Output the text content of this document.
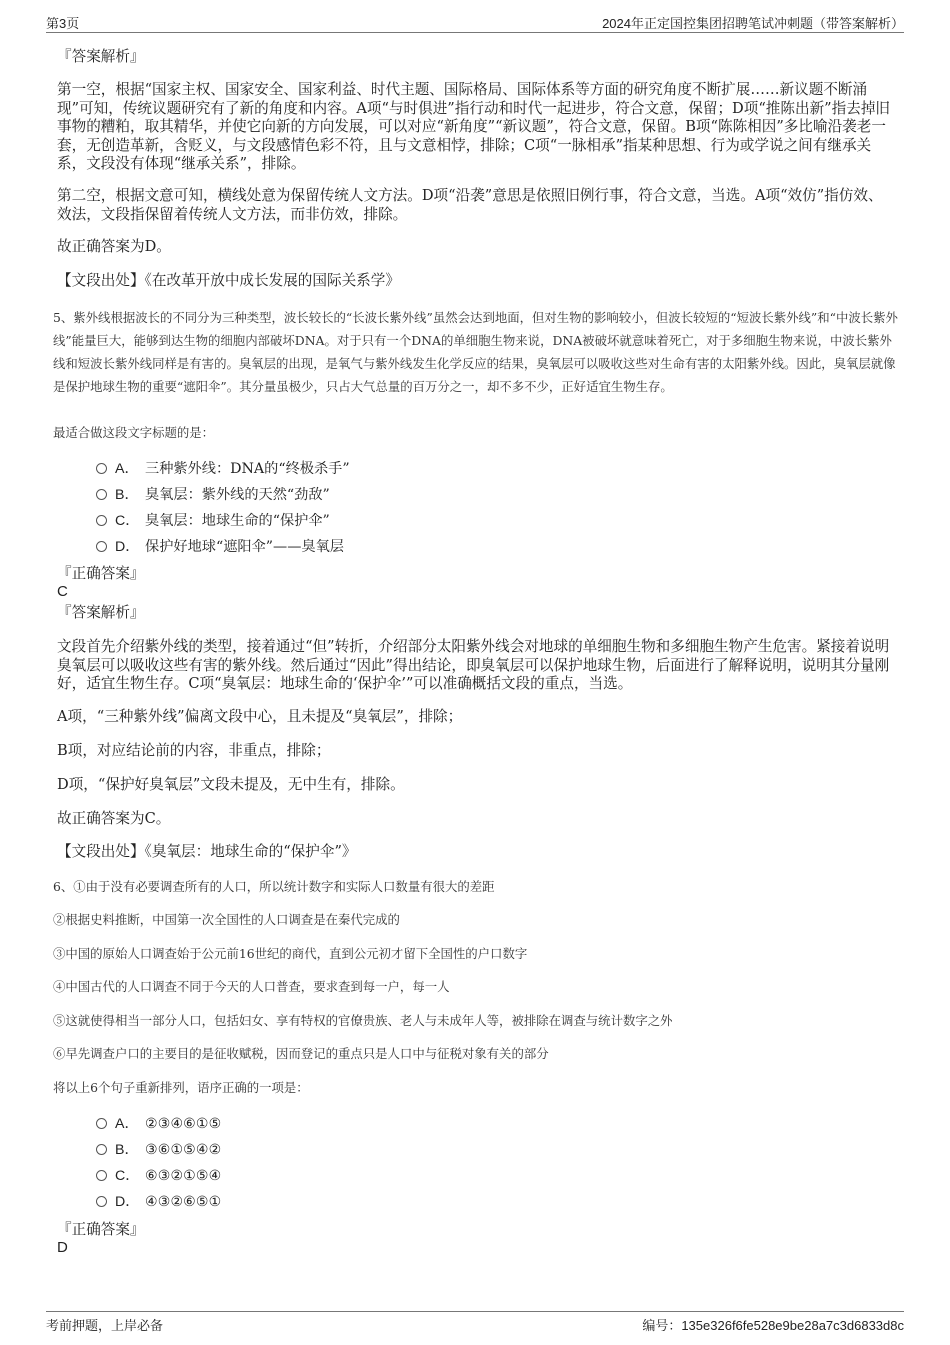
第3页	2024年正定国控集团招聘笔试冲刺题（带答案解析）
『答案解析』
第一空，根据“国家主权、国家安全、国家利益、时代主题、国际格局、国际体系等方面的研究角度不断扩展……新议题不断涌现”可知，传统议题研究有了新的角度和内容。A项“与时俱进”指行动和时代一起进步，符合文意，保留；D项“推陈出新”指去掉旧事物的糟粕，取其精华，并使它向新的方向发展，可以对应“新角度”“新议题”，符合文意，保留。B项“陈陈相因”多比喻沿袭老一套，无创造革新，含贬义，与文段感情色彩不符，且与文意相悖，排除；C项“一脉相承”指某种思想、行为或学说之间有继承关系，文段没有体现“继承关系”，排除。
第二空，根据文意可知，横线处意为保留传统人文方法。D项“沿袭”意思是依照旧例行事，符合文意，当选。A项“效仿”指仿效、效法，文段指保留着传统人文方法，而非仿效，排除。
故正确答案为D。
【文段出处】《在改革开放中成长发展的国际关系学》
5、紫外线根据波长的不同分为三种类型，波长较长的“长波长紫外线”虽然会达到地面，但对生物的影响较小，但波长较短的“短波长紫外线”和“中波长紫外线”能量巨大，能够到达生物的细胞内部破坏DNA。对于只有一个DNA的单细胞生物来说，DNA被破坏就意味着死亡，对于多细胞生物来说，中波长紫外线和短波长紫外线同样是有害的。臭氧层的出现，是氧气与紫外线发生化学反应的结果，臭氧层可以吸收这些对生命有害的太阳紫外线。因此，臭氧层就像是保护地球生物的重要“遮阳伞”。其分量虽极少，只占大气总量的百万分之一，却不多不少，正好适宜生物生存。
最适合做这段文字标题的是：
A． 三种紫外线：DNA的“终极杀手”
B． 臭氧层：紫外线的天然“劲敌”
C． 臭氧层：地球生命的“保护伞”
D． 保护好地球“遮阳伞”——臭氧层
『正确答案』
C
『答案解析』
文段首先介绍紫外线的类型，接着通过“但”转折，介绍部分太阳紫外线会对地球的单细胞生物和多细胞生物产生危害。紧接着说明臭氧层可以吸收这些有害的紫外线。然后通过“因此”得出结论，即臭氧层可以保护地球生物，后面进行了解释说明，说明其分量刚好，适宜生物生存。C项“臭氧层：地球生命的‘保护伞’”可以准确概括文段的重点，当选。
A项，“三种紫外线”偏离文段中心，且未提及“臭氧层”，排除；
B项，对应结论前的内容，非重点，排除；
D项，“保护好臭氧层”文段未提及，无中生有，排除。
故正确答案为C。
【文段出处】《臭氧层：地球生命的“保护伞”》
6、①由于没有必要调查所有的人口，所以统计数字和实际人口数量有很大的差距
②根据史料推断，中国第一次全国性的人口调查是在秦代完成的
③中国的原始人口调查始于公元前16世纪的商代，直到公元初才留下全国性的户口数字
④中国古代的人口调查不同于今天的人口普查，要求查到每一户，每一人
⑤这就使得相当一部分人口，包括妇女、享有特权的官僚贵族、老人与未成年人等，被排除在调查与统计数字之外
⑥早先调查户口的主要目的是征收赋税，因而登记的重点只是人口中与征税对象有关的部分
将以上6个句子重新排列，语序正确的一项是：
A． ②③④⑥①⑤
B． ③⑥①⑤④②
C． ⑥③②①⑤④
D． ④③②⑥⑤①
『正确答案』
D
考前押题，上岸必备	编号：135e326f6fe528e9be28a7c3d6833d8c
